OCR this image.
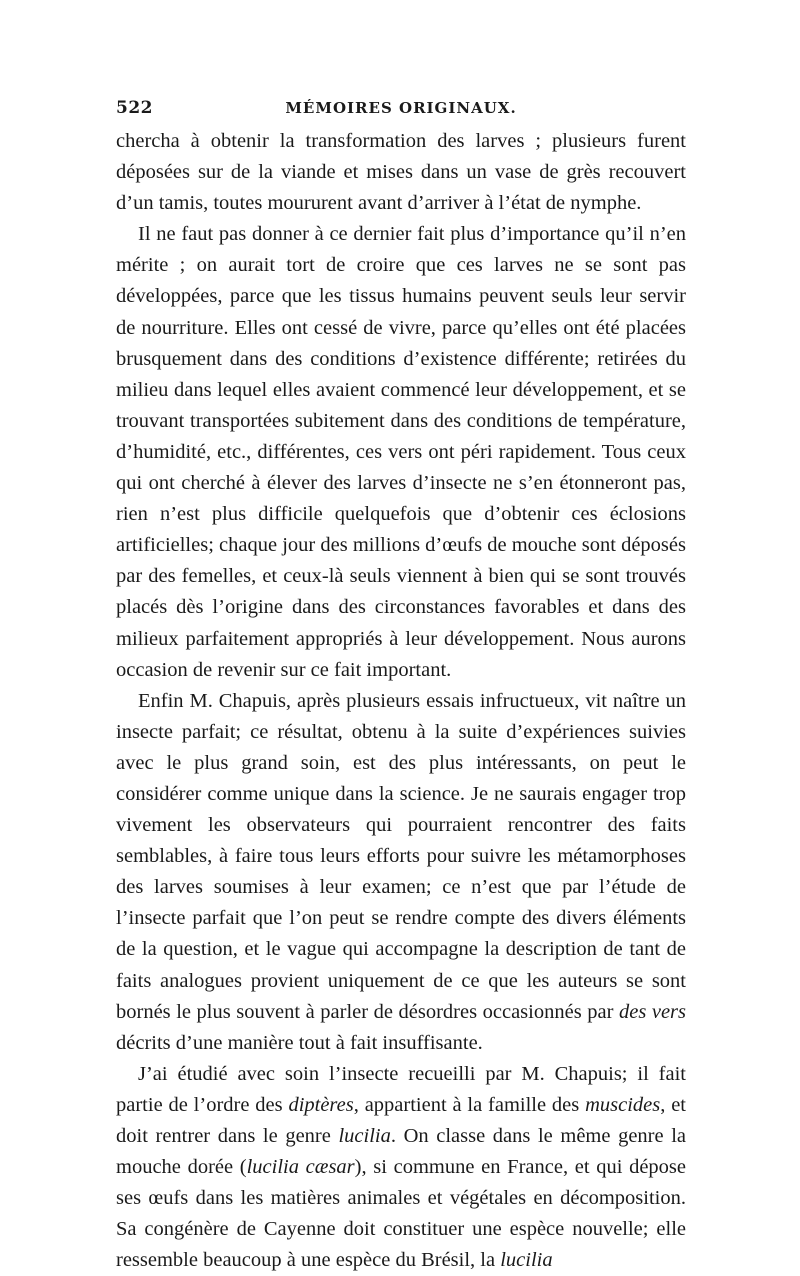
522	MÉMOIRES ORIGINAUX.

chercha à obtenir la transformation des larves ; plusieurs furent déposées sur de la viande et mises dans un vase de grès recouvert d’un tamis, toutes moururent avant d’arriver à l’état de nymphe.

Il ne faut pas donner à ce dernier fait plus d’importance qu’il n’en mérite ; on aurait tort de croire que ces larves ne se sont pas développées, parce que les tissus humains peuvent seuls leur servir de nourriture. Elles ont cessé de vivre, parce qu’elles ont été placées brusquement dans des conditions d’existence différente; retirées du milieu dans lequel elles avaient commencé leur développement, et se trouvant transportées subitement dans des conditions de température, d’humidité, etc., différentes, ces vers ont péri rapidement. Tous ceux qui ont cherché à élever des larves d’insecte ne s’en étonneront pas, rien n’est plus difficile quelquefois que d’obtenir ces éclosions artificielles; chaque jour des millions d’œufs de mouche sont déposés par des femelles, et ceux-là seuls viennent à bien qui se sont trouvés placés dès l’origine dans des circonstances favorables et dans des milieux parfaitement appropriés à leur développement. Nous aurons occasion de revenir sur ce fait important.

Enfin M. Chapuis, après plusieurs essais infructueux, vit naître un insecte parfait; ce résultat, obtenu à la suite d’expériences suivies avec le plus grand soin, est des plus intéressants, on peut le considérer comme unique dans la science. Je ne saurais engager trop vivement les observateurs qui pourraient rencontrer des faits semblables, à faire tous leurs efforts pour suivre les métamorphoses des larves soumises à leur examen; ce n’est que par l’étude de l’insecte parfait que l’on peut se rendre compte des divers éléments de la question, et le vague qui accompagne la description de tant de faits analogues provient uniquement de ce que les auteurs se sont bornés le plus souvent à parler de désordres occasionnés par des vers décrits d’une manière tout à fait insuffisante.

J’ai étudié avec soin l’insecte recueilli par M. Chapuis; il fait partie de l’ordre des diptères, appartient à la famille des muscides, et doit rentrer dans le genre lucilia. On classe dans le même genre la mouche dorée (lucilia cæsar), si commune en France, et qui dépose ses œufs dans les matières animales et végétales en décomposition. Sa congénère de Cayenne doit constituer une espèce nouvelle; elle ressemble beaucoup à une espèce du Brésil, la lucilia
